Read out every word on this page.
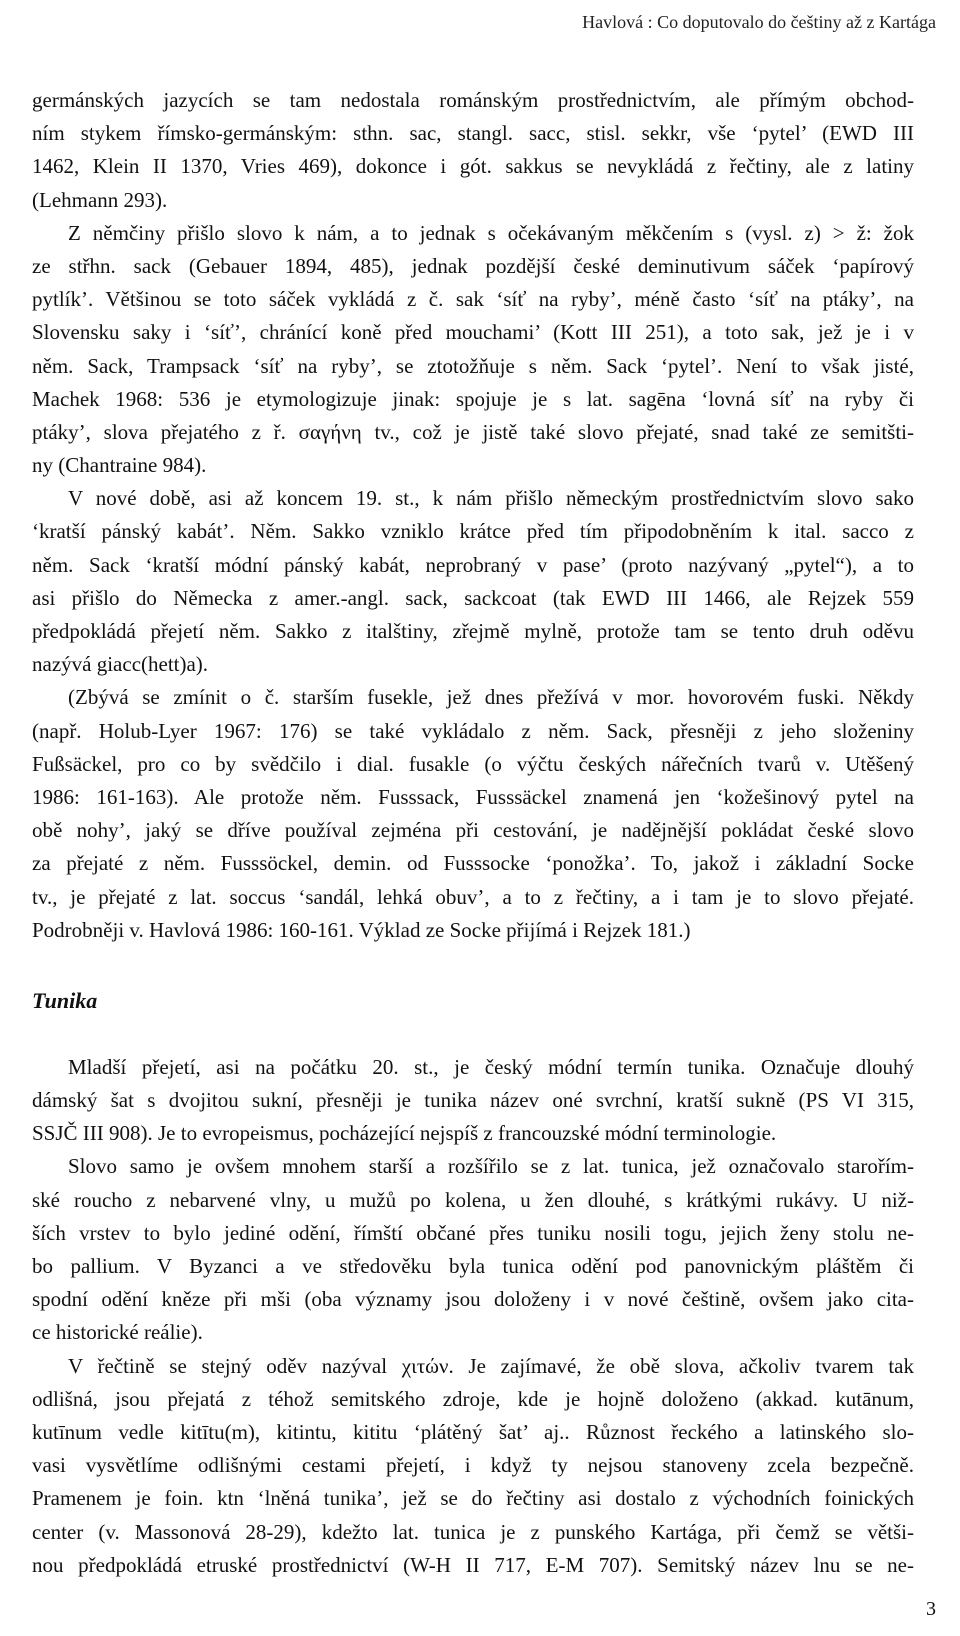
Havlová : Co doputovalo do češtiny až z Kartága
germánských jazycích se tam nedostala románským prostřednictvím, ale přímým obchod-
ním stykem římsko-germánským: sthn. sac, stangl. sacc, stisl. sekkr, vše ‘pytel’ (EWD III
1462, Klein II 1370, Vries 469), dokonce i gót. sakkus se nevykládá z řečtiny, ale z latiny
(Lehmann 293).
Z němčiny přišlo slovo k nám, a to jednak s očekávaným měkčením s (vysl. z) > ž: žok
ze střhn. sack (Gebauer 1894, 485), jednak pozdější české deminutivum sáček ‘papírový
pytlík’. Většinou se toto sáček vykládá z č. sak ‘síť na ryby’, méně často ‘síť na ptáky’, na
Slovensku saky i ‘síť’, chránící koně před mouchami’ (Kott III 251), a toto sak, jež je i v
něm. Sack, Trampsack ‘síť na ryby’, se ztotožňuje s něm. Sack ‘pytel’. Není to však jisté,
Machek 1968: 536 je etymologizuje jinak: spojuje je s lat. sagēna ‘lovná síť na ryby či
ptáky’, slova přejatého z ř. σαγήνη tv., což je jistě také slovo přejaté, snad také ze semitšti-
ny (Chantraine 984).
V nové době, asi až koncem 19. st., k nám přišlo německým prostřednictvím slovo sako
‘kratší pánský kabát’. Něm. Sakko vzniklo krátce před tím připodobněním k ital. sacco z
něm. Sack ‘kratší módní pánský kabát, neprobraný v pase’ (proto nazývaný „pytel“), a to
asi přišlo do Německa z amer.-angl. sack, sackcoat (tak EWD III 1466, ale Rejzek 559
předpokládá přejetí něm. Sakko z italštiny, zřejmě mylně, protože tam se tento druh oděvu
nazývá giacc(hett)a).
(Zbývá se zmínit o č. starším fusekle, jež dnes přežívá v mor. hovorovém fuski. Někdy
(např. Holub-Lyer 1967: 176) se také vykládalo z něm. Sack, přesněji z jeho složeniny
Fußsäckel, pro co by svědčilo i dial. fusakle (o výčtu českých nářečních tvarů v. Utěšený
1986: 161-163). Ale protože něm. Fusssack, Fusssäckel znamená jen ‘kožešinový pytel na
obě nohy’, jaký se dříve používal zejména při cestování, je nadějnější pokládat české slovo
za přejaté z něm. Fusssöckel, demin. od Fusssocke ‘ponožka’. To, jakož i základní Socke
tv., je přejaté z lat. soccus ‘sandál, lehká obuv’, a to z řečtiny, a i tam je to slovo přejaté.
Podrobněji v. Havlová 1986: 160-161. Výklad ze Socke přijímá i Rejzek 181.)
Tunika
Mladší přejetí, asi na počátku 20. st., je český módní termín tunika. Označuje dlouhý
dámský šat s dvojitou sukní, přesněji je tunika název oné svrchní, kratší sukně (PS VI 315,
SSJČ III 908). Je to evropeismus, pocházející nejspíš z francouzské módní terminologie.
Slovo samo je ovšem mnohem starší a rozšířilo se z lat. tunica, jež označovalo starořím-
ské roucho z nebarvené vlny, u mužů po kolena, u žen dlouhé, s krátkými rukávy. U niž-
ších vrstev to bylo jediné odění, římští občané přes tuniku nosili togu, jejich ženy stolu ne-
bo pallium. V Byzanci a ve středověku byla tunica odění pod panovnickým pláštěm či
spodní odění kněze při mši (oba významy jsou doloženy i v nové češtině, ovšem jako cita-
ce historické reálie).
V řečtině se stejný oděv nazýval χιτών. Je zajímavé, že obě slova, ačkoliv tvarem tak
odlišná, jsou přejatá z téhož semitského zdroje, kde je hojně doloženo (akkad. kutānum,
kutīnum vedle kitītu(m), kitintu, kititu ‘plátěný šat’ aj.. Různost řeckého a latinského slo-
vasi vysvětlíme odlišnými cestami přejetí, i když ty nejsou stanoveny zcela bezpečně.
Pramenem je foin. ktn ‘lněná tunika’, jež se do řečtiny asi dostalo z východních foinických
center (v. Massonová 28-29), kdežto lat. tunica je z punského Kartága, při čemž se větši-
nou předpokládá etruské prostřednictví (W-H II 717, E-M 707). Semitský název lnu se ne-
3
